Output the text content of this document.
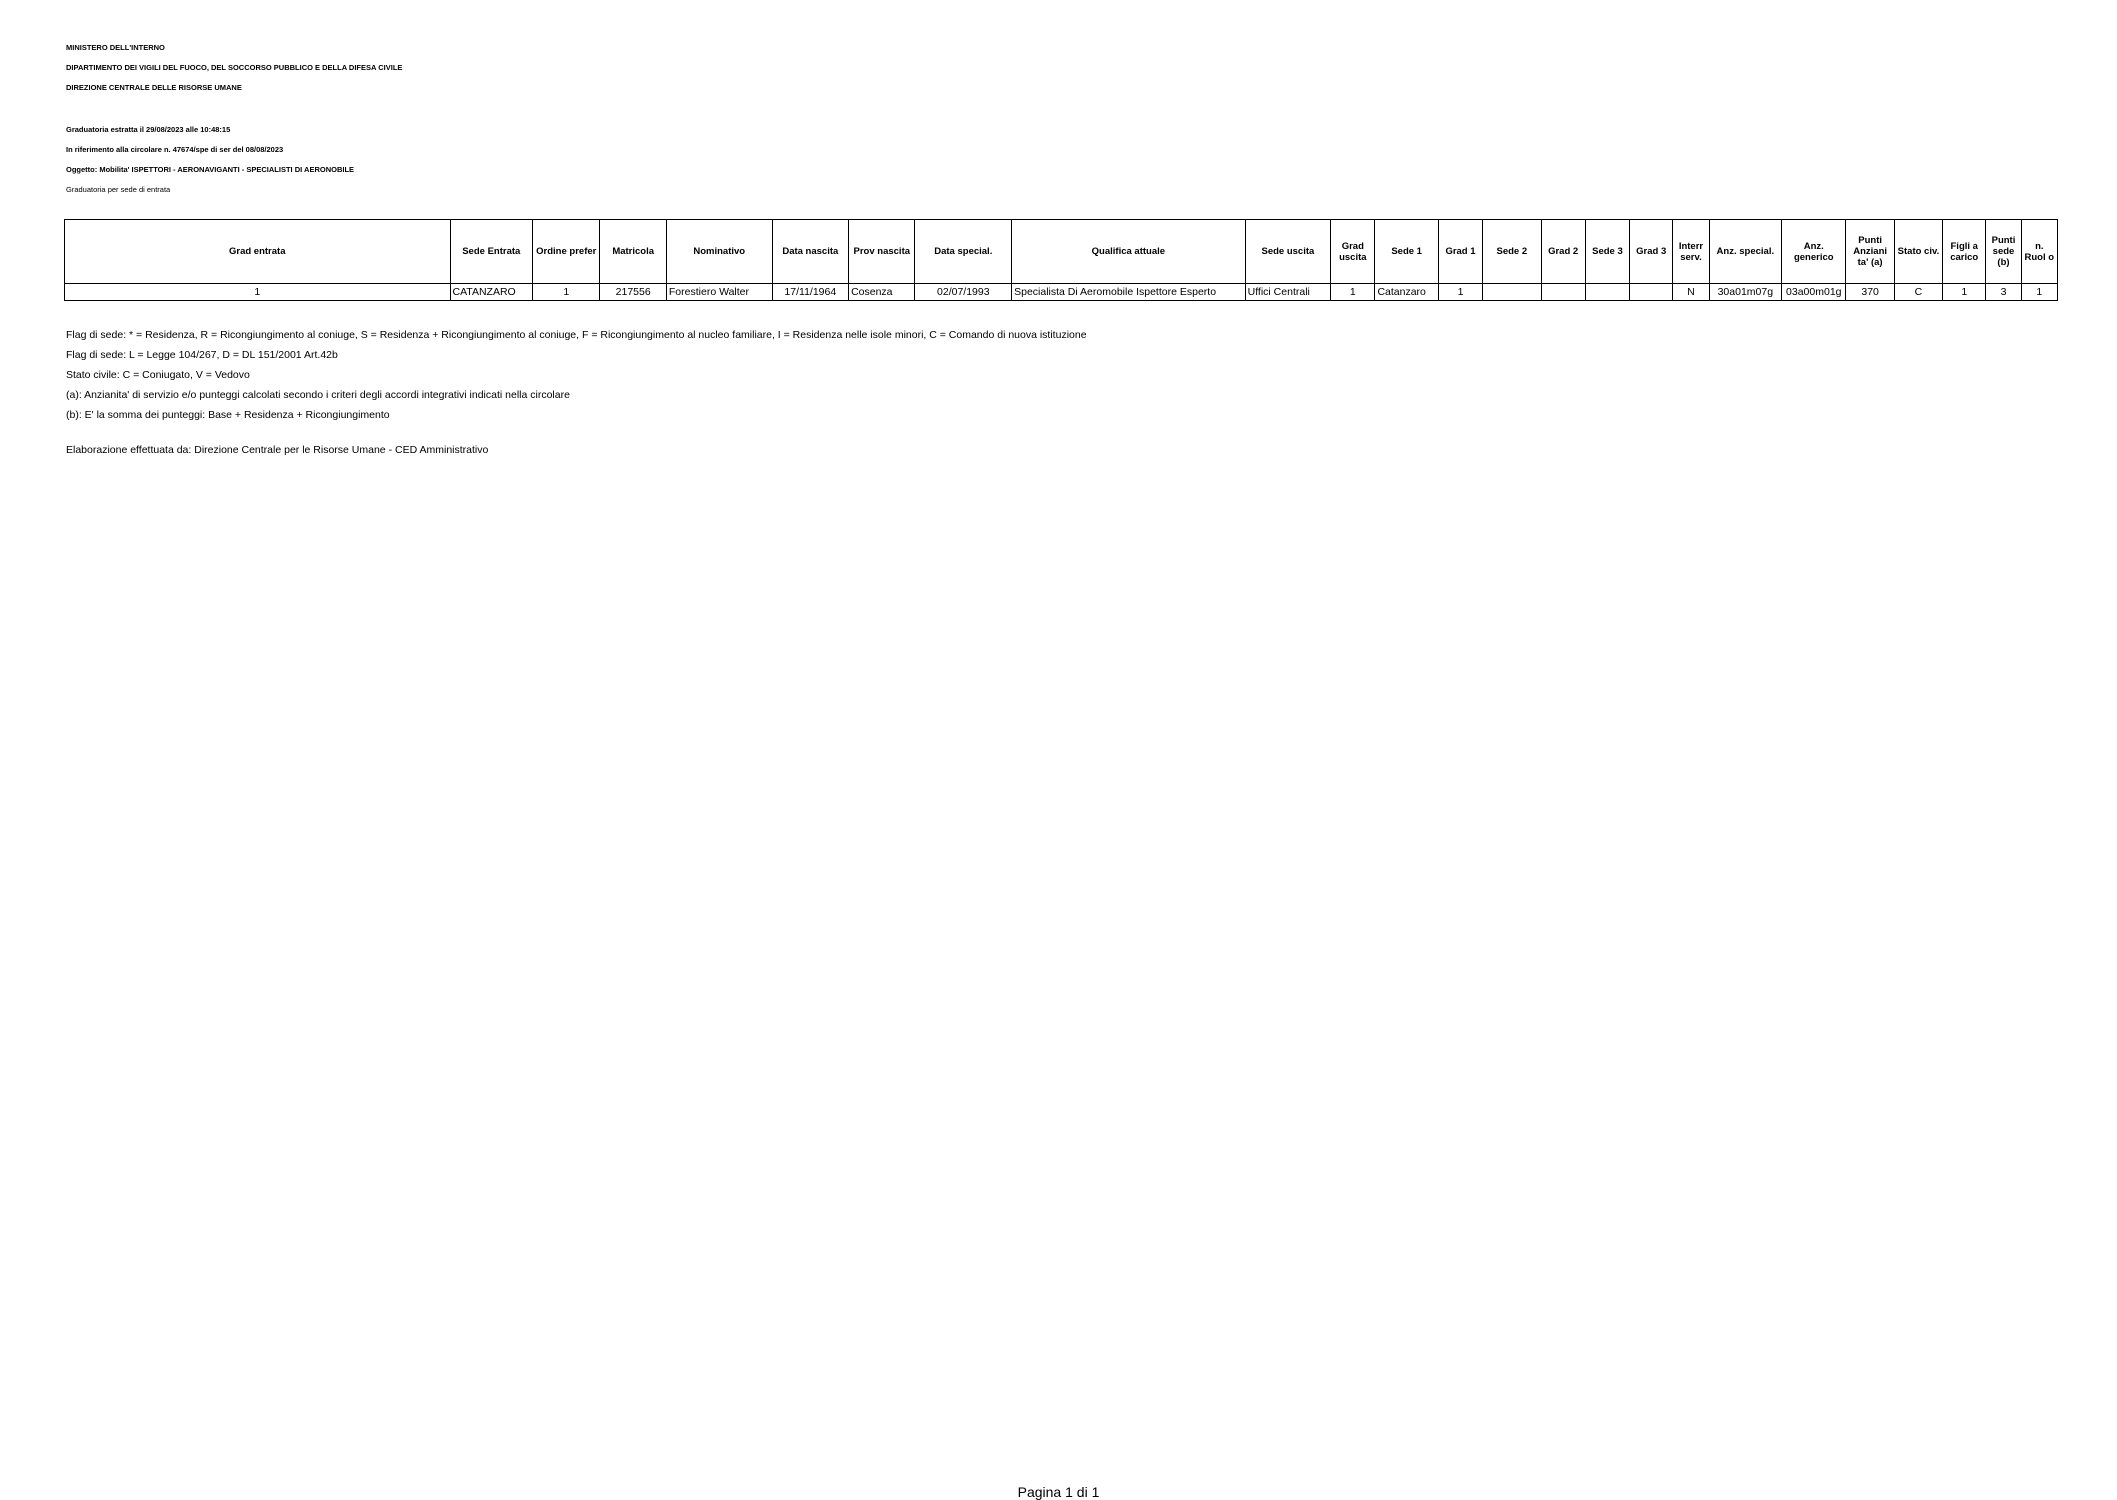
MINISTERO DELL'INTERNO
DIPARTIMENTO DEI VIGILI DEL FUOCO, DEL SOCCORSO PUBBLICO E DELLA DIFESA CIVILE
DIREZIONE CENTRALE DELLE RISORSE UMANE
Graduatoria estratta il 29/08/2023 alle 10:48:15
In riferimento alla circolare n. 47674/spe di ser del 08/08/2023
Oggetto: Mobilita' ISPETTORI - AERONAVIGANTI - SPECIALISTI DI AERONOBILE
Graduatoria per sede di entrata
Grad entrata	Sede Entrata	Ordine prefer	Matricola	Nominativo	Data nascita	Prov nascita	Data special.	Qualifica attuale	Sede uscita	Grad uscita	Sede 1	Grad 1	Sede 2	Grad 2	Sede 3	Grad 3	Interr serv.	Anz. special.	Anz. generico	Punti Anziani ta' (a)	Stato civ.	Figli a carico	Punti sede (b)	n. Ruol o
1	CATANZARO	1	217556	Forestiero Walter	17/11/1964	Cosenza	02/07/1993	Specialista Di Aeromobile Ispettore Esperto	Uffici Centrali	1	Catanzaro	1					N	30a01m07g	03a00m01g	370	C	1	3	1
Flag di sede: * = Residenza, R = Ricongiungimento al coniuge, S = Residenza + Ricongiungimento al coniuge, F = Ricongiungimento al nucleo familiare, I = Residenza nelle isole minori, C = Comando di nuova istituzione
Flag di sede: L = Legge 104/267, D = DL 151/2001 Art.42b
Stato civile: C = Coniugato, V = Vedovo
(a): Anzianita' di servizio e/o punteggi calcolati secondo i criteri degli accordi integrativi indicati nella circolare
(b): E' la somma dei punteggi: Base + Residenza + Ricongiungimento
Elaborazione effettuata da: Direzione Centrale per le Risorse Umane - CED Amministrativo
Pagina 1 di 1
